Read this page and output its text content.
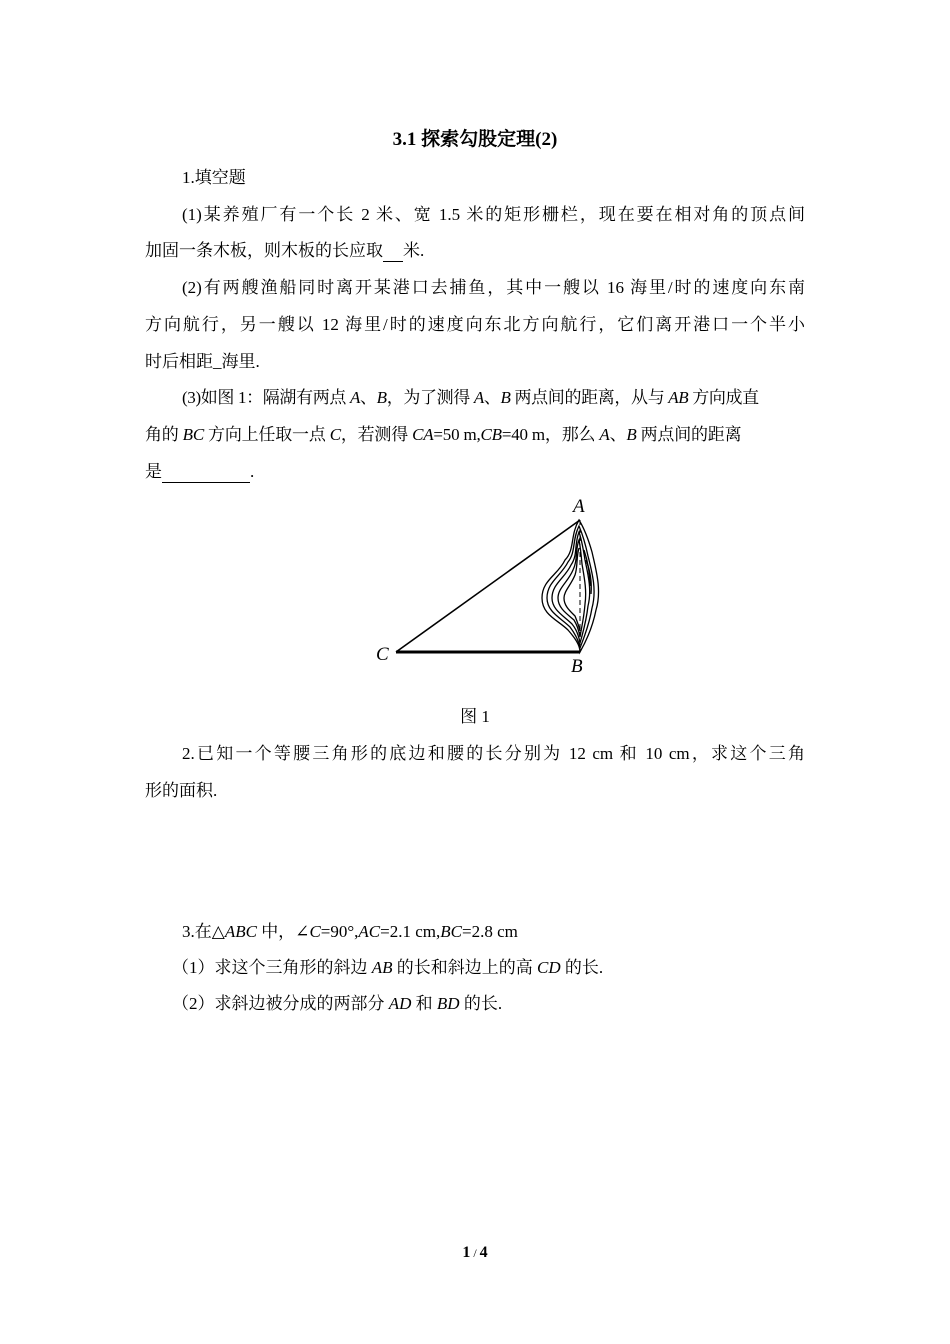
3.1 探索勾股定理(2)
1.填空题
(1)某养殖厂有一个长 2 米、宽 1.5 米的矩形栅栏，现在要在相对角的顶点间
加固一条木板，则木板的长应取 米.
(2)有两艘渔船同时离开某港口去捕鱼，其中一艘以 16 海里/时的速度向东南
方向航行，另一艘以 12 海里/时的速度向东北方向航行，它们离开港口一个半小
时后相距_海里.
(3)如图 1：隔湖有两点 A、B，为了测得 A、B 两点间的距离，从与 AB 方向成直
角的 BC 方向上任取一点 C，若测得 CA=50 m,CB=40 m，那么 A、B 两点间的距离
是	.
A
B
C
图 1
2.已知一个等腰三角形的底边和腰的长分别为 12 cm 和 10 cm，求这个三角
形的面积.
3.在△ABC 中，∠C=90°,AC=2.1 cm,BC=2.8 cm
（1）求这个三角形的斜边 AB 的长和斜边上的高 CD 的长.
（2）求斜边被分成的两部分 AD 和 BD 的长.
1 / 4
